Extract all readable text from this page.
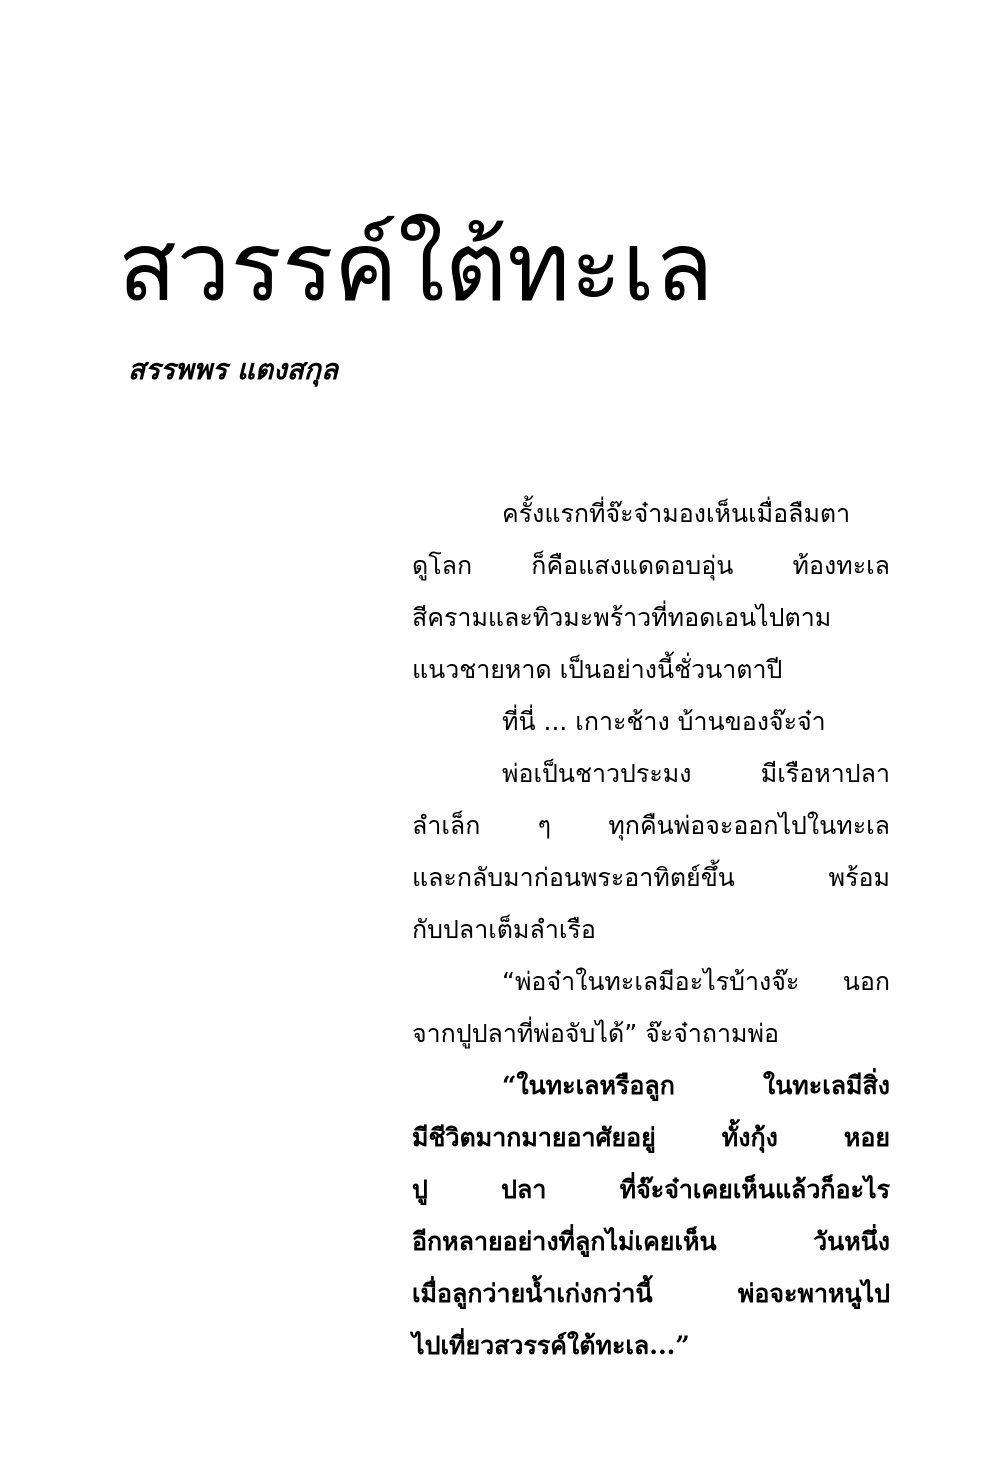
สวรรค์ใต้ทะเล
สรรพพร แตงสกุล
ครั้งแรกที่จ๊ะจ๋ามองเห็นเมื่อลืมตา
ดูโลก ก็คือแสงแดดอบอุ่น ท้องทะเล
สีครามและทิวมะพร้าวที่ทอดเอนไปตาม
แนวชายหาด เป็นอย่างนี้ชั่วนาตาปี
ที่นี่ ... เกาะช้าง บ้านของจ๊ะจ๋า
พ่อเป็นชาวประมง มีเรือหาปลา
ลำเล็ก ๆ ทุกคืนพ่อจะออกไปในทะเล
และกลับมาก่อนพระอาทิตย์ขึ้น พร้อม
กับปลาเต็มลำเรือ
“พ่อจ๋าในทะเลมีอะไรบ้างจ๊ะ นอก
จากปูปลาที่พ่อจับได้” จ๊ะจ๋าถามพ่อ
“ในทะเลหรือลูก ในทะเลมีสิ่ง
มีชีวิตมากมายอาศัยอยู่ ทั้งกุ้ง หอย
ปู ปลา ที่จ๊ะจ๋าเคยเห็นแล้วก็อะไร
อีกหลายอย่างที่ลูกไม่เคยเห็น วันหนึ่ง
เมื่อลูกว่ายน้ำเก่งกว่านี้ พ่อจะพาหนูไป
ไปเที่ยวสวรรค์ใต้ทะเล...”
